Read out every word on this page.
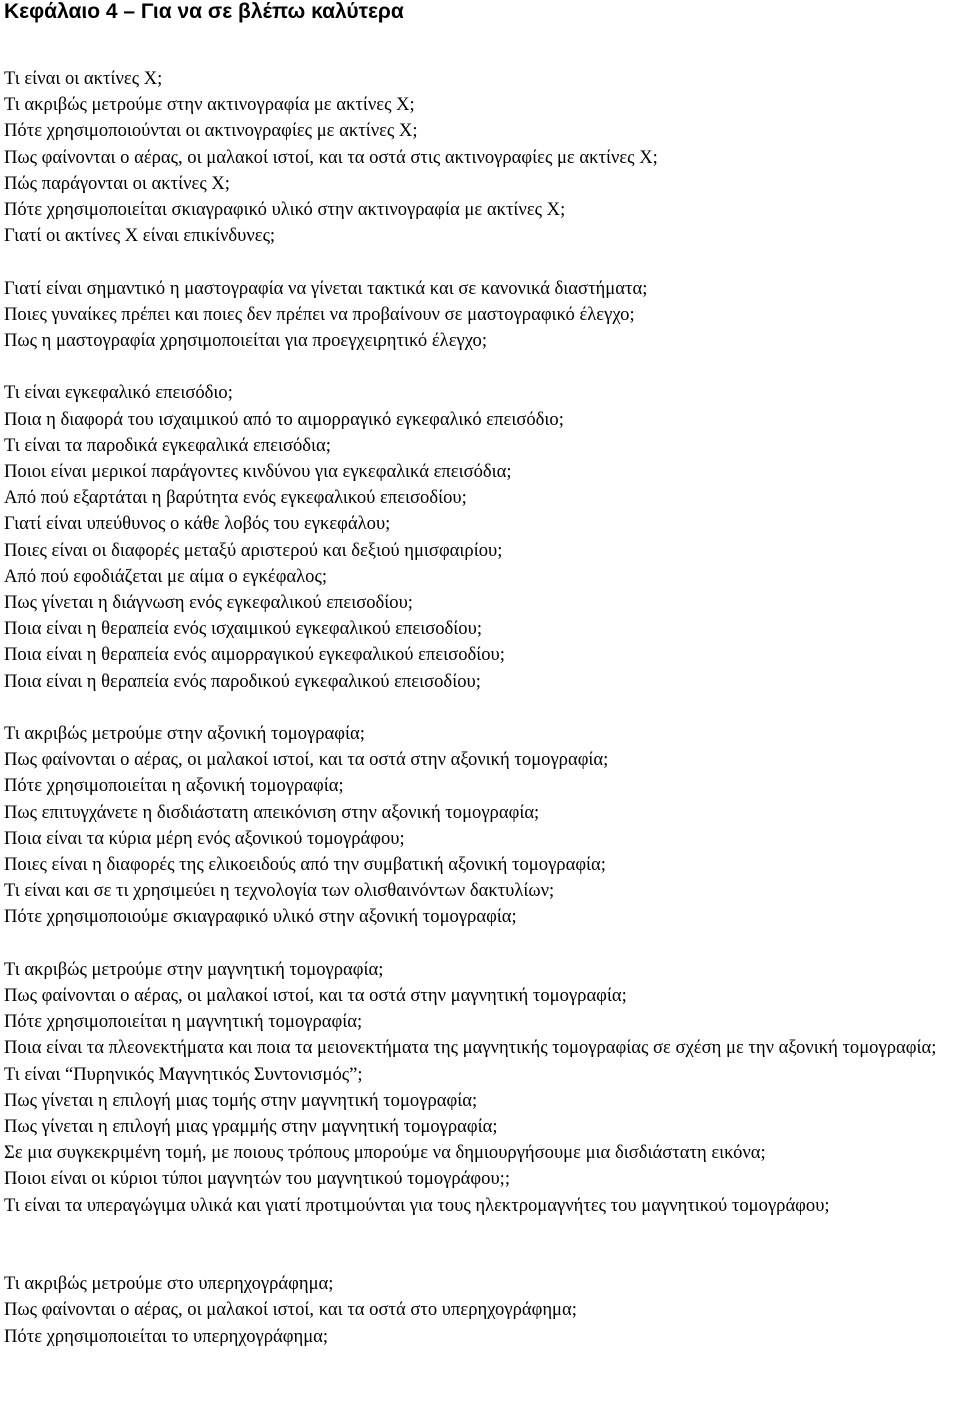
Κεφάλαιο 4 – Για να σε βλέπω καλύτερα
Τι είναι οι ακτίνες Χ;
Τι ακριβώς μετρούμε στην ακτινογραφία με ακτίνες Χ;
Πότε χρησιμοποιούνται οι ακτινογραφίες με ακτίνες Χ;
Πως φαίνονται ο αέρας, οι μαλακοί ιστοί, και τα οστά στις ακτινογραφίες με ακτίνες Χ;
Πώς παράγονται οι ακτίνες Χ;
Πότε χρησιμοποιείται σκιαγραφικό υλικό στην ακτινογραφία με ακτίνες Χ;
Γιατί οι ακτίνες Χ είναι επικίνδυνες;
Γιατί είναι σημαντικό η μαστογραφία να γίνεται τακτικά και σε κανονικά διαστήματα;
Ποιες γυναίκες πρέπει και ποιες δεν πρέπει να προβαίνουν σε μαστογραφικό έλεγχο;
Πως η μαστογραφία χρησιμοποιείται για προεγχειρητικό έλεγχο;
Τι είναι εγκεφαλικό επεισόδιο;
Ποια η διαφορά του ισχαιμικού από το αιμορραγικό εγκεφαλικό επεισόδιο;
Τι είναι τα παροδικά εγκεφαλικά επεισόδια;
Ποιοι είναι μερικοί παράγοντες κινδύνου για εγκεφαλικά επεισόδια;
Από πού εξαρτάται η βαρύτητα ενός εγκεφαλικού επεισοδίου;
Γιατί είναι υπεύθυνος ο κάθε λοβός του εγκεφάλου;
Ποιες είναι οι διαφορές μεταξύ αριστερού και δεξιού ημισφαιρίου;
Από πού εφοδιάζεται με αίμα ο εγκέφαλος;
Πως γίνεται η διάγνωση ενός εγκεφαλικού επεισοδίου;
Ποια είναι η θεραπεία ενός ισχαιμικού εγκεφαλικού επεισοδίου;
Ποια είναι η θεραπεία ενός αιμορραγικού εγκεφαλικού επεισοδίου;
Ποια είναι η θεραπεία ενός παροδικού εγκεφαλικού επεισοδίου;
Τι ακριβώς μετρούμε στην αξονική τομογραφία;
Πως φαίνονται ο αέρας, οι μαλακοί ιστοί, και τα οστά στην αξονική τομογραφία;
Πότε χρησιμοποιείται η αξονική τομογραφία;
Πως επιτυγχάνετε η δισδιάστατη απεικόνιση στην αξονική τομογραφία;
Ποια είναι τα κύρια μέρη ενός αξονικού τομογράφου;
Ποιες είναι η διαφορές της ελικοειδούς από την συμβατική αξονική τομογραφία;
Τι είναι και σε τι χρησιμεύει η τεχνολογία των ολισθαινόντων δακτυλίων;
Πότε χρησιμοποιούμε σκιαγραφικό υλικό στην αξονική τομογραφία;
Τι ακριβώς μετρούμε στην μαγνητική τομογραφία;
Πως φαίνονται ο αέρας, οι μαλακοί ιστοί, και τα οστά στην μαγνητική τομογραφία;
Πότε χρησιμοποιείται η μαγνητική τομογραφία;
Ποια είναι τα πλεονεκτήματα και ποια τα μειονεκτήματα της μαγνητικής τομογραφίας σε σχέση με την αξονική τομογραφία;
Τι είναι “Πυρηνικός Μαγνητικός Συντονισμός”;
Πως γίνεται η επιλογή μιας τομής στην μαγνητική τομογραφία;
Πως γίνεται η επιλογή μιας γραμμής στην μαγνητική τομογραφία;
Σε μια συγκεκριμένη τομή, με ποιους τρόπους μπορούμε να δημιουργήσουμε μια δισδιάστατη εικόνα;
Ποιοι είναι οι κύριοι τύποι μαγνητών του μαγνητικού τομογράφου;;
Τι είναι τα υπεραγώγιμα υλικά και γιατί προτιμούνται για τους ηλεκτρομαγνήτες του μαγνητικού τομογράφου;
Τι ακριβώς μετρούμε στο υπερηχογράφημα;
Πως φαίνονται ο αέρας, οι μαλακοί ιστοί, και τα οστά στο υπερηχογράφημα;
Πότε χρησιμοποιείται το υπερηχογράφημα;
